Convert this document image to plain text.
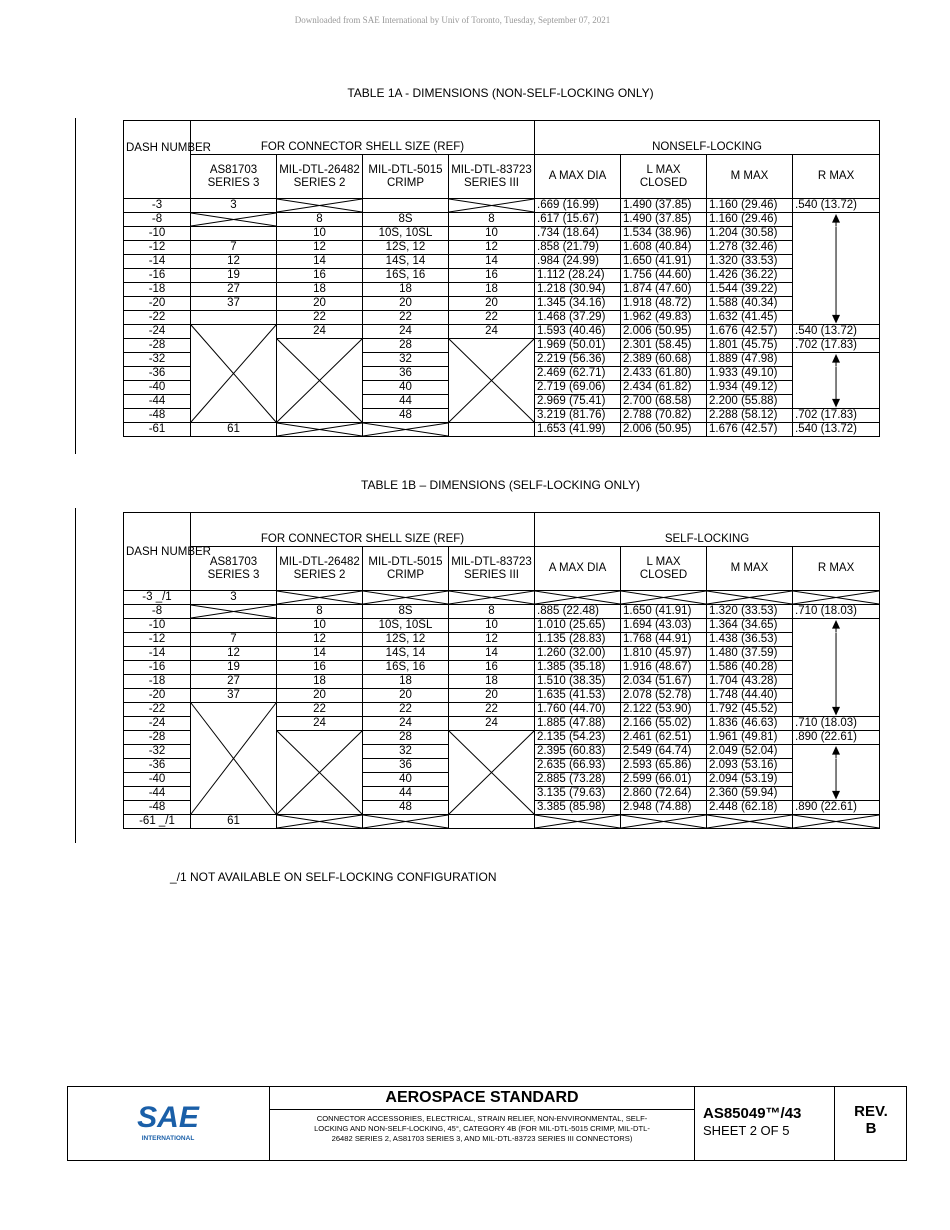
Downloaded from SAE International by Univ of Toronto, Tuesday, September 07, 2021
TABLE 1A - DIMENSIONS (NON-SELF-LOCKING ONLY)
DASH NUMBER	FOR CONNECTOR SHELL SIZE (REF)				NONSELF-LOCKING			
	AS81703 SERIES 3	MIL-DTL-26482 SERIES 2	MIL-DTL-5015 CRIMP	MIL-DTL-83723 SERIES III	A MAX DIA	L MAX CLOSED	M MAX	R MAX
-3	3				.669 (16.99)	1.490 (37.85)	1.160 (29.46)	.540 (13.72)
-8		8	8S	8	.617 (15.67)	1.490 (37.85)	1.160 (29.46)	

-10		10	10S, 10SL	10	.734 (18.64)	1.534 (38.96)	1.204 (30.58)	

-12	7	12	12S, 12	12	.858 (21.79)	1.608 (40.84)	1.278 (32.46)	

-14	12	14	14S, 14	14	.984 (24.99)	1.650 (41.91)	1.320 (33.53)	

-16	19	16	16S, 16	16	1.112 (28.24)	1.756 (44.60)	1.426 (36.22)	

-18	27	18	18	18	1.218 (30.94)	1.874 (47.60)	1.544 (39.22)	

-20	37	20	20	20	1.345 (34.16)	1.918 (48.72)	1.588 (40.34)	

-22		22	22	22	1.468 (37.29)	1.962 (49.83)	1.632 (41.45)	

-24		24	24	24	1.593 (40.46)	2.006 (50.95)	1.676 (42.57)	.540 (13.72)
-28			28		1.969 (50.01)	2.301 (58.45)	1.801 (45.75)	.702 (17.83)
-32			32		2.219 (56.36)	2.389 (60.68)	1.889 (47.98)	

-36			36		2.469 (62.71)	2.433 (61.80)	1.933 (49.10)	

-40			40		2.719 (69.06)	2.434 (61.82)	1.934 (49.12)	

-44			44		2.969 (75.41)	2.700 (68.58)	2.200 (55.88)	

-48			48		3.219 (81.76)	2.788 (70.82)	2.288 (58.12)	.702 (17.83)
-61	61				1.653 (41.99)	2.006 (50.95)	1.676 (42.57)	.540 (13.72)
TABLE 1B – DIMENSIONS (SELF-LOCKING ONLY)
DASH NUMBER	FOR CONNECTOR SHELL SIZE (REF)				SELF-LOCKING			
	AS81703 SERIES 3	MIL-DTL-26482 SERIES 2	MIL-DTL-5015 CRIMP	MIL-DTL-83723 SERIES III	A MAX DIA	L MAX CLOSED	M MAX	R MAX
-3 _/1	3	

-8		8	8S	8	.885 (22.48)	1.650 (41.91)	1.320 (33.53)	.710 (18.03)
-10		10	10S, 10SL	10	1.010 (25.65)	1.694 (43.03)	1.364 (34.65)	

-12	7	12	12S, 12	12	1.135 (28.83)	1.768 (44.91)	1.438 (36.53)	

-14	12	14	14S, 14	14	1.260 (32.00)	1.810 (45.97)	1.480 (37.59)	

-16	19	16	16S, 16	16	1.385 (35.18)	1.916 (48.67)	1.586 (40.28)	

-18	27	18	18	18	1.510 (38.35)	2.034 (51.67)	1.704 (43.28)	

-20	37	20	20	20	1.635 (41.53)	2.078 (52.78)	1.748 (44.40)	

-22		22	22	22	1.760 (44.70)	2.122 (53.90)	1.792 (45.52)	

-24		24	24	24	1.885 (47.88)	2.166 (55.02)	1.836 (46.63)	.710 (18.03)
-28			28		2.135 (54.23)	2.461 (62.51)	1.961 (49.81)	.890 (22.61)
-32			32		2.395 (60.83)	2.549 (64.74)	2.049 (52.04)	

-36			36		2.635 (66.93)	2.593 (65.86)	2.093 (53.16)	

-40			40		2.885 (73.28)	2.599 (66.01)	2.094 (53.19)	

-44			44		3.135 (79.63)	2.860 (72.64)	2.360 (59.94)	

-48			48		3.385 (85.98)	2.948 (74.88)	2.448 (62.18)	.890 (22.61)
-61 _/1	61	

_/1 NOT AVAILABLE ON SELF-LOCKING CONFIGURATION
SAE
INTERNATIONAL
AEROSPACE STANDARD
CONNECTOR ACCESSORIES, ELECTRICAL, STRAIN RELIEF, NON-ENVIRONMENTAL, SELF-LOCKING AND NON-SELF-LOCKING, 45°, CATEGORY 4B (FOR MIL-DTL-5015 CRIMP, MIL-DTL-26482 SERIES 2, AS81703 SERIES 3, AND MIL-DTL-83723 SERIES III CONNECTORS)
AS85049™/43
SHEET 2 OF 5
REV.
B
